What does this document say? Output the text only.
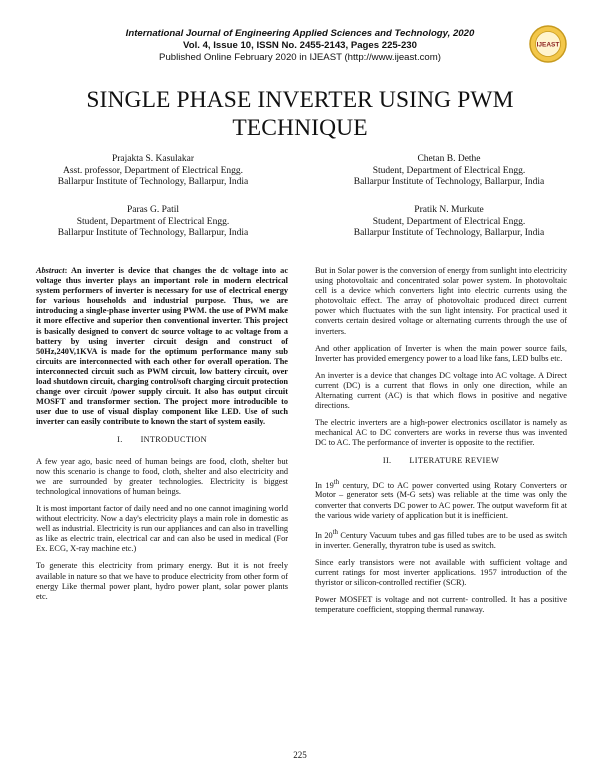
International Journal of Engineering Applied Sciences and Technology, 2020
Vol. 4, Issue 10, ISSN No. 2455-2143, Pages 225-230
Published Online February 2020 in IJEAST (http://www.ijeast.com)
IJEAST
SINGLE PHASE INVERTER USING PWM
TECHNIQUE
Prajakta S. Kasulakar
Asst. professor, Department of Electrical Engg.
Ballarpur Institute of Technology, Ballarpur, India
Chetan B. Dethe
Student, Department of Electrical Engg.
Ballarpur Institute of Technology, Ballarpur, India
Paras G. Patil
Student, Department of Electrical Engg.
Ballarpur Institute of Technology, Ballarpur, India
Pratik N. Murkute
Student, Department of Electrical Engg.
Ballarpur Institute of Technology, Ballarpur, India

Abstract: An inverter is device that changes the dc voltage into ac voltage thus inverter plays an important role in modern electrical system performers of inverter is necessary for use of electrical energy for various households and industrial purpose. Thus, we are introducing a single-phase inverter using PWM. the use of PWM make it more effective and superior then conventional inverter. This project is basically designed to convert dc source voltage to ac voltage from a battery by using inverter circuit design and construct of 50Hz,240V,1KVA is made for the optimum performance many sub circuits are interconnected with each other for overall operation. The interconnected circuit such as PWM circuit, low battery circuit, over load shutdown circuit, charging control/soft charging circuit protection change over circuit /power supply circuit. It also has output circuit MOSFT and transformer section. The project more introducible to user due to use of visual display component like LED. Use of such inverter can easily contribute to known the start of system easily.

I. INTRODUCTION

A few year ago, basic need of human beings are food, cloth, shelter but now this scenario is change to food, cloth, shelter and also electricity and we are surrounded by greater technologies. Electricity is biggest technological innovations of human beings.

It is most important factor of daily need and no one cannot imagining world without electricity. Now a day's electricity plays a main role in domestic as well as industrial. Electricity is run our appliances and can also in travelling as like as electric train, electrical car and can also be used in medical (For Ex. ECG, X-ray machine etc.)

To generate this electricity from primary energy. But it is not freely available in nature so that we have to produce electricity from other form of energy Like thermal power plant, hydro power plant, solar power plants etc.

But in Solar power is the conversion of energy from sunlight into electricity using photovoltaic and concentrated solar power system. In photovoltaic cell is a device which converters light into electric currents using the photovoltaic effect. The array of photovoltaic produced direct current power which fluctuates with the sun light intensity. For practical used it converts certain desired voltage or alternating currents through the use of inverters.

And other application of Inverter is when the main power source fails, Inverter has provided emergency power to a load like fans, LED bulbs etc.

An inverter is a device that changes DC voltage into AC voltage. A Direct current (DC) is a current that flows in only one direction, while an Alternating current (AC) is that which flows in positive and negative directions.

The electric inverters are a high-power electronics oscillator is namely as mechanical AC to DC converters are works in reverse thus was invented DC to AC. The performance of inverter is opposite to the rectifier.

II. LITERATURE REVIEW

In 19th century, DC to AC power converted using Rotary Converters or Motor – generator sets (M-G sets) was reliable at the time was only the converter that converts DC power to AC power. The output waveform fit at the various wide variety of application but it is inefficient.

In 20th Century Vacuum tubes and gas filled tubes are to be used as switch in inverter. Generally, thyratron tube is used as switch.

Since early transistors were not available with sufficient voltage and current ratings for most inverter applications. 1957 introduction of the thyristor or silicon-controlled rectifier (SCR).

Power MOSFET is voltage and not current- controlled. It has a positive temperature coefficient, stopping thermal runaway.

225
